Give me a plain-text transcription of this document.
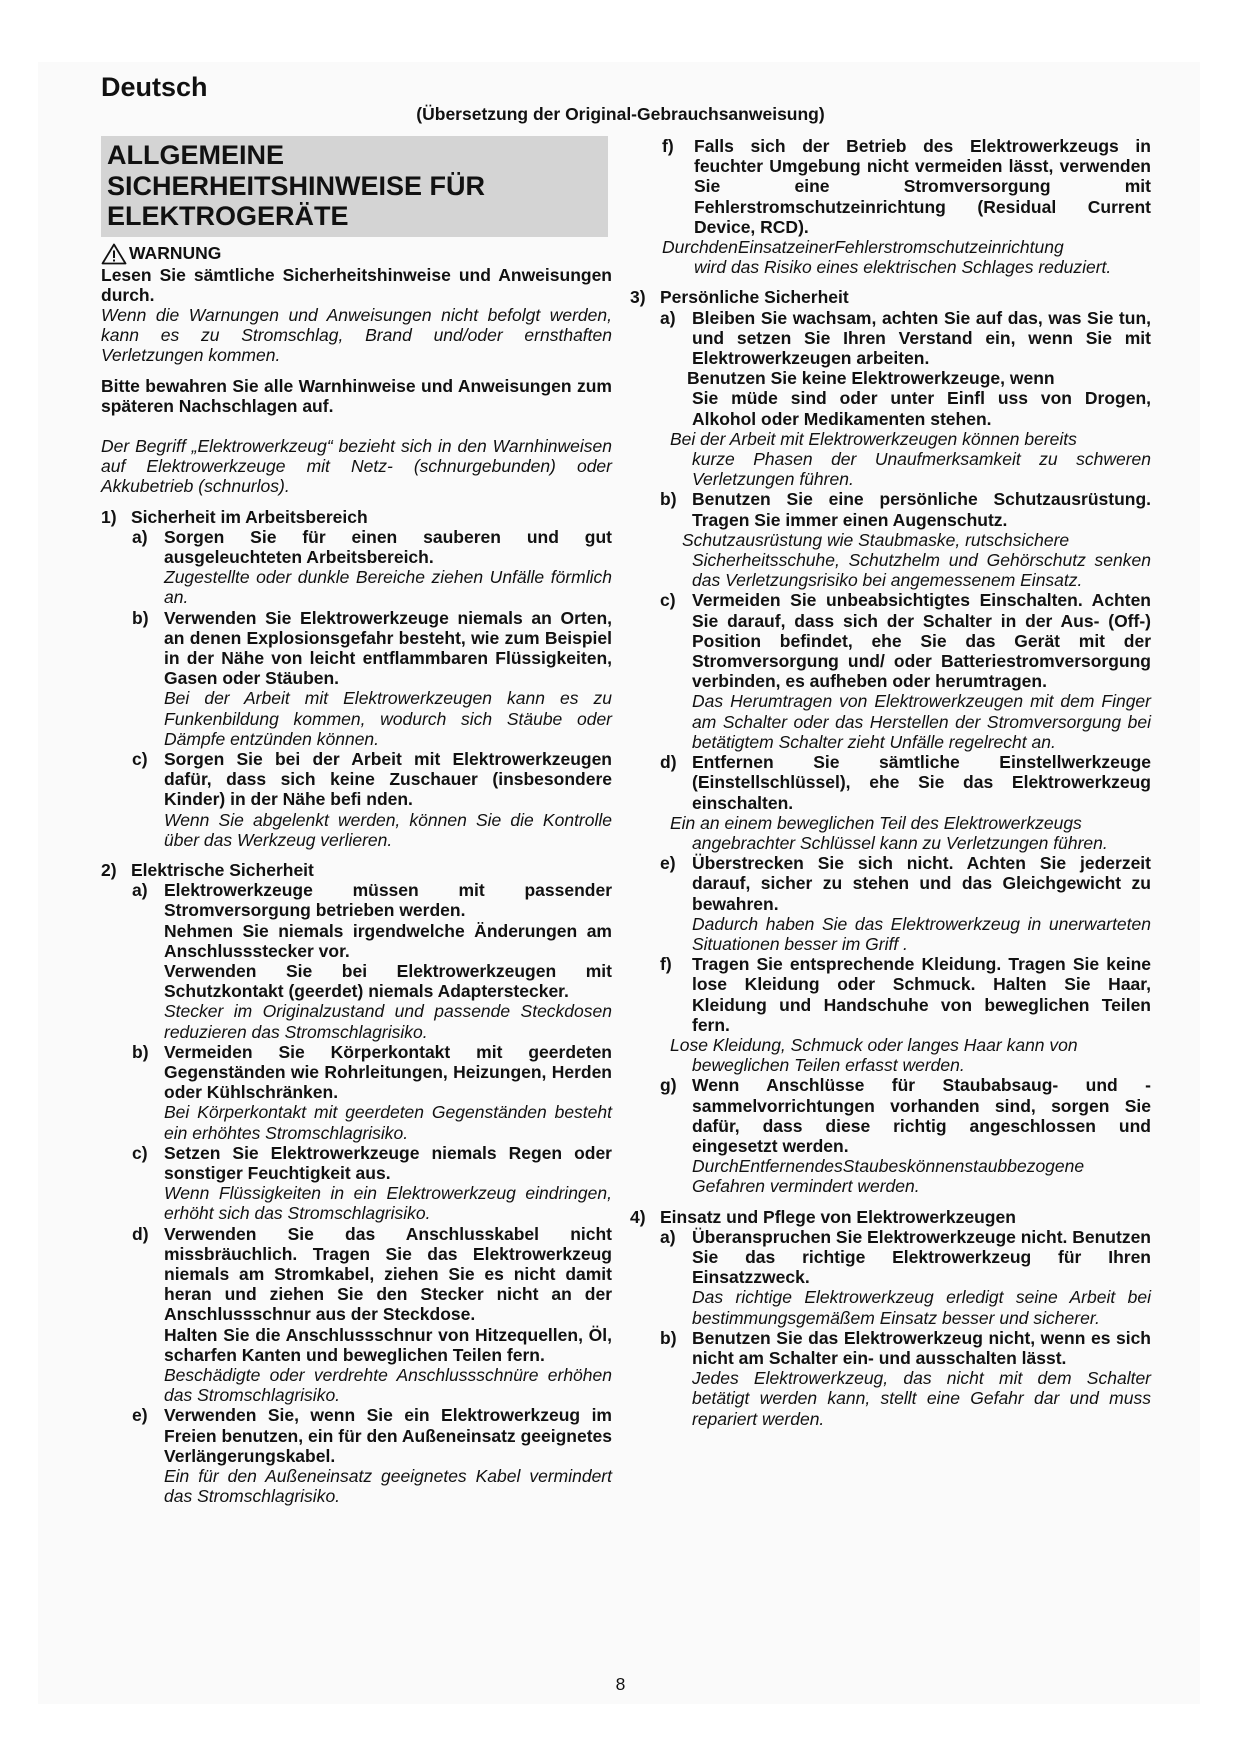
Deutsch
(Übersetzung der Original-Gebrauchsanweisung)
ALLGEMEINE
SICHERHEITSHINWEISE FÜR
ELEKTROGERÄTE
WARNUNG
Lesen Sie sämtliche Sicherheitshinweise und Anweisungen durch.
Wenn die Warnungen und Anweisungen nicht befolgt werden, kann es zu Stromschlag, Brand und/oder ernsthaften Verletzungen kommen.
Bitte bewahren Sie alle Warnhinweise und Anweisungen zum späteren Nachschlagen auf.
Der Begriff „Elektrowerkzeug“ bezieht sich in den Warnhinweisen auf Elektrowerkzeuge mit Netz- (schnurgebunden) oder Akkubetrieb (schnurlos).
1) Sicherheit im Arbeitsbereich
a) Sorgen Sie für einen sauberen und gut ausgeleuchteten Arbeitsbereich.
Zugestellte oder dunkle Bereiche ziehen Unfälle förmlich an.
b) Verwenden Sie Elektrowerkzeuge niemals an Orten, an denen Explosionsgefahr besteht, wie zum Beispiel in der Nähe von leicht entflammbaren Flüssigkeiten, Gasen oder Stäuben.
Bei der Arbeit mit Elektrowerkzeugen kann es zu Funkenbildung kommen, wodurch sich Stäube oder Dämpfe entzünden können.
c) Sorgen Sie bei der Arbeit mit Elektrowerkzeugen dafür, dass sich keine Zuschauer (insbesondere Kinder) in der Nähe befi nden.
Wenn Sie abgelenkt werden, können Sie die Kontrolle über das Werkzeug verlieren.
2) Elektrische Sicherheit
a) Elektrowerkzeuge müssen mit passender Stromversorgung betrieben werden.
Nehmen Sie niemals irgendwelche Änderungen am Anschlussstecker vor.
Verwenden Sie bei Elektrowerkzeugen mit Schutzkontakt (geerdet) niemals Adapterstecker.
Stecker im Originalzustand und passende Steckdosen reduzieren das Stromschlagrisiko.
b) Vermeiden Sie Körperkontakt mit geerdeten Gegenständen wie Rohrleitungen, Heizungen, Herden oder Kühlschränken.
Bei Körperkontakt mit geerdeten Gegenständen besteht ein erhöhtes Stromschlagrisiko.
c) Setzen Sie Elektrowerkzeuge niemals Regen oder sonstiger Feuchtigkeit aus.
Wenn Flüssigkeiten in ein Elektrowerkzeug eindringen, erhöht sich das Stromschlagrisiko.
d) Verwenden Sie das Anschlusskabel nicht missbräuchlich. Tragen Sie das Elektrowerkzeug niemals am Stromkabel, ziehen Sie es nicht damit heran und ziehen Sie den Stecker nicht an der Anschlussschnur aus der Steckdose.
Halten Sie die Anschlussschnur von Hitzequellen, Öl, scharfen Kanten und beweglichen Teilen fern.
Beschädigte oder verdrehte Anschlussschnüre erhöhen das Stromschlagrisiko.
e) Verwenden Sie, wenn Sie ein Elektrowerkzeug im Freien benutzen, ein für den Außeneinsatz geeignetes Verlängerungskabel.
Ein für den Außeneinsatz geeignetes Kabel vermindert das Stromschlagrisiko.
f)	Falls sich der Betrieb des Elektrowerkzeugs in feuchter Umgebung nicht vermeiden lässt, verwenden Sie eine Stromversorgung mit Fehlerstromschutzeinrichtung (Residual Current Device, RCD).
DurchdenEinsatzeinerFehlerstromschutzeinrichtung
wird das Risiko eines elektrischen Schlages reduziert.
3) Persönliche Sicherheit
a) Bleiben Sie wachsam, achten Sie auf das, was Sie tun, und setzen Sie Ihren Verstand ein, wenn Sie mit Elektrowerkzeugen arbeiten.
Benutzen Sie keine Elektrowerkzeuge, wenn
Sie müde sind oder unter Einfl uss von Drogen, Alkohol oder Medikamenten stehen.
Bei der Arbeit mit Elektrowerkzeugen können bereits
kurze Phasen der Unaufmerksamkeit zu schweren Verletzungen führen.
b) Benutzen Sie eine persönliche Schutzausrüstung. Tragen Sie immer einen Augenschutz.
Schutzausrüstung wie Staubmaske, rutschsichere
Sicherheitsschuhe, Schutzhelm und Gehörschutz senken das Verletzungsrisiko bei angemessenem Einsatz.
c) Vermeiden Sie unbeabsichtigtes Einschalten. Achten Sie darauf, dass sich der Schalter in der Aus- (Off-) Position befindet, ehe Sie das Gerät mit der Stromversorgung und/ oder Batteriestromversorgung verbinden, es aufheben oder herumtragen.
Das Herumtragen von Elektrowerkzeugen mit dem Finger am Schalter oder das Herstellen der Stromversorgung bei betätigtem Schalter zieht Unfälle regelrecht an.
d) Entfernen Sie sämtliche Einstellwerkzeuge (Einstellschlüssel), ehe Sie das Elektrowerkzeug einschalten.
Ein an einem beweglichen Teil des Elektrowerkzeugs
angebrachter Schlüssel kann zu Verletzungen führen.
e) Überstrecken Sie sich nicht. Achten Sie jederzeit darauf, sicher zu stehen und das Gleichgewicht zu bewahren.
Dadurch haben Sie das Elektrowerkzeug in unerwarteten Situationen besser im Griff .
f)	Tragen Sie entsprechende Kleidung. Tragen Sie keine lose Kleidung oder Schmuck. Halten Sie Haar, Kleidung und Handschuhe von beweglichen Teilen fern.
Lose Kleidung, Schmuck oder langes Haar kann von
beweglichen Teilen erfasst werden.
g) Wenn Anschlüsse für Staubabsaug- und -sammelvorrichtungen vorhanden sind, sorgen Sie dafür, dass diese richtig angeschlossen und eingesetzt werden.
DurchEntfernendesStaubeskönnenstaubbezogene
Gefahren vermindert werden.
4) Einsatz und Pflege von Elektrowerkzeugen
a) Überanspruchen Sie Elektrowerkzeuge nicht. Benutzen Sie das richtige Elektrowerkzeug für Ihren Einsatzzweck.
Das richtige Elektrowerkzeug erledigt seine Arbeit bei bestimmungsgemäßem Einsatz besser und sicherer.
b) Benutzen Sie das Elektrowerkzeug nicht, wenn es sich nicht am Schalter ein- und ausschalten lässt.
Jedes Elektrowerkzeug, das nicht mit dem Schalter betätigt werden kann, stellt eine Gefahr dar und muss repariert werden.
8
